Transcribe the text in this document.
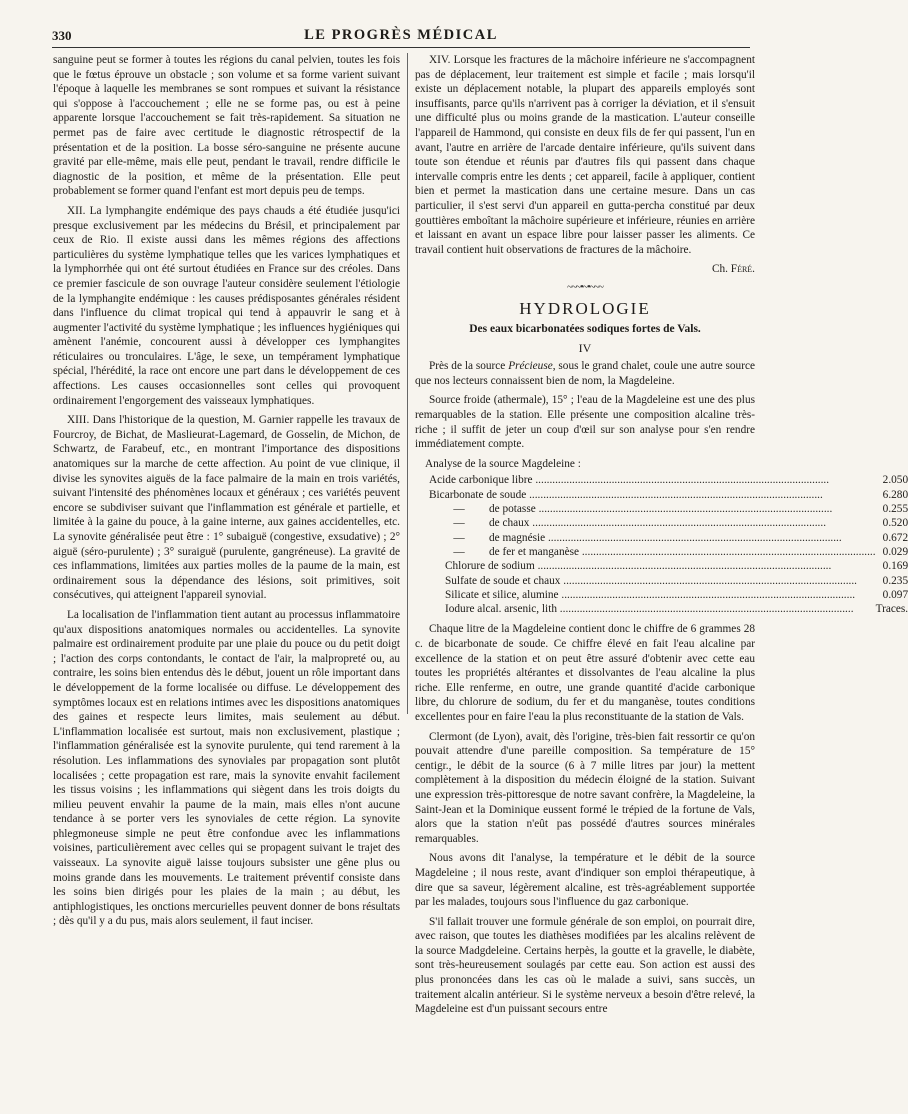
330	LE PROGRÈS MÉDICAL

sanguine peut se former à toutes les régions du canal pelvien, toutes les fois que le fœtus éprouve un obstacle ; son volume et sa forme varient suivant l'époque à laquelle les membranes se sont rompues et suivant la résistance qui s'oppose à l'accouchement ; elle ne se forme pas, ou est à peine apparente lorsque l'accouchement se fait très-rapidement. Sa situation ne permet pas de faire avec certitude le diagnostic rétrospectif de la présentation et de la position. La bosse séro-sanguine ne présente aucune gravité par elle-même, mais elle peut, pendant le travail, rendre difficile le diagnostic de la position, et même de la présentation. Elle peut probablement se former quand l'enfant est mort depuis peu de temps.

XII. La lymphangite endémique des pays chauds a été étudiée jusqu'ici presque exclusivement par les médecins du Brésil, et principalement par ceux de Rio. Il existe aussi dans les mêmes régions des affections particulières du système lymphatique telles que les varices lymphatiques et la lymphorrhée qui ont été surtout étudiées en France sur des créoles. Dans ce premier fascicule de son ouvrage l'auteur considère seulement l'étiologie de la lymphangite endémique : les causes prédisposantes générales résident dans l'influence du climat tropical qui tend à appauvrir le sang et à augmenter l'activité du système lymphatique ; les influences hygiéniques qui amènent l'anémie, concourent aussi à développer ces lymphangites réticulaires ou tronculaires. L'âge, le sexe, un tempérament lymphatique spécial, l'hérédité, la race ont encore une part dans le développement de ces affections. Les causes occasionnelles sont celles qui provoquent ordinairement l'engorgement des vaisseaux lymphatiques.

XIII. Dans l'historique de la question, M. Garnier rappelle les travaux de Fourcroy, de Bichat, de Maslieurat-Lagemard, de Gosselin, de Michon, de Schwartz, de Farabeuf, etc., en montrant l'importance des dispositions anatomiques sur la marche de cette affection. Au point de vue clinique, il divise les synovites aiguës de la face palmaire de la main en trois variétés, suivant l'intensité des phénomènes locaux et généraux ; ces variétés peuvent encore se subdiviser suivant que l'inflammation est générale et partielle, et limitée à la gaine du pouce, à la gaine interne, aux gaines accidentelles, etc. La synovite généralisée peut être : 1° subaiguë (congestive, exsudative) ; 2° aiguë (séro-purulente) ; 3° suraiguë (purulente, gangréneuse). La gravité de ces inflammations, limitées aux parties molles de la paume de la main, est ordinairement sous la dépendance des lésions, soit primitives, soit consécutives, qui atteignent l'appareil synovial.

La localisation de l'inflammation tient autant au processus inflammatoire qu'aux dispositions anatomiques normales ou accidentelles. La synovite palmaire est ordinairement produite par une plaie du pouce ou du petit doigt ; l'action des corps contondants, le contact de l'air, la malpropreté ou, au contraire, les soins bien entendus dès le début, jouent un rôle important dans le développement de la forme localisée ou diffuse. Le développement des symptômes locaux est en relations intimes avec les dispositions anatomiques des gaines et respecte leurs limites, mais seulement au début. L'inflammation localisée est surtout, mais non exclusivement, plastique ; l'inflammation généralisée est la synovite purulente, qui tend rarement à la résolution. Les inflammations des synoviales par propagation sont plutôt localisées ; cette propagation est rare, mais la synovite envahit facilement les tissus voisins ; les inflammations qui siègent dans les trois doigts du milieu peuvent envahir la paume de la main, mais elles n'ont aucune tendance à se porter vers les synoviales de cette région. La synovite phlegmoneuse simple ne peut être confondue avec les inflammations voisines, particulièrement avec celles qui se propagent suivant le trajet des vaisseaux. La synovite aiguë laisse toujours subsister une gêne plus ou moins grande dans les mouvements. Le traitement préventif consiste dans les soins bien dirigés pour les plaies de la main ; au début, les antiphlogistiques, les onctions mercurielles peuvent donner de bons résultats ; dès qu'il y a du pus, mais alors seulement, il faut inciser.

XIV. Lorsque les fractures de la mâchoire inférieure ne s'accompagnent pas de déplacement, leur traitement est simple et facile ; mais lorsqu'il existe un déplacement notable, la plupart des appareils employés sont insuffisants, parce qu'ils n'arrivent pas à corriger la déviation, et il s'ensuit une difficulté plus ou moins grande de la mastication. L'auteur conseille l'appareil de Hammond, qui consiste en deux fils de fer qui passent, l'un en avant, l'autre en arrière de l'arcade dentaire inférieure, qu'ils suivent dans toute son étendue et réunis par d'autres fils qui passent dans chaque intervalle compris entre les dents ; cet appareil, facile à appliquer, contient bien et permet la mastication dans une certaine mesure. Dans un cas particulier, il s'est servi d'un appareil en gutta-percha constitué par deux gouttières emboîtant la mâchoire supérieure et inférieure, réunies en arrière et laissant en avant un espace libre pour laisser passer les aliments. Ce travail contient huit observations de fractures de la mâchoire.

Ch. Féré.
~~~•~•~~~
HYDROLOGIE
Des eaux bicarbonatées sodiques fortes de Vals.
IV

Près de la source Précieuse, sous le grand chalet, coule une autre source que nos lecteurs connaissent bien de nom, la Magdeleine.

Source froide (athermale), 15° ; l'eau de la Magdeleine est une des plus remarquables de la station. Elle présente une composition alcaline très-riche ; il suffit de jeter un coup d'œil sur son analyse pour s'en rendre immédiatement compte.

Analyse de la source Magdeleine :
Acide carbonique libre .....	2.050
Bicarbonate de soude .....	6.280
— de potasse .....	0.255
— de chaux .....	0.520
— de magnésie .....	0.672
— de fer et manganèse .....	0.029
Chlorure de sodium .....	0.169
Sulfate de soude et chaux .....	0.235
Silicate et silice, alumine .....	0.097
Iodure alcal. arsenic, lith .....	Traces.

Chaque litre de la Magdeleine contient donc le chiffre de 6 grammes 28 c. de bicarbonate de soude. Ce chiffre élevé en fait l'eau alcaline par excellence de la station et on peut être assuré d'obtenir avec cette eau toutes les propriétés altérantes et dissolvantes de l'eau alcaline la plus riche. Elle renferme, en outre, une grande quantité d'acide carbonique libre, du chlorure de sodium, du fer et du manganèse, toutes conditions excellentes pour en faire l'eau la plus reconstituante de la station de Vals.

Clermont (de Lyon), avait, dès l'origine, très-bien fait ressortir ce qu'on pouvait attendre d'une pareille composition. Sa température de 15° centigr., le débit de la source (6 à 7 mille litres par jour) la mettent complètement à la disposition du médecin éloigné de la station. Suivant une expression très-pittoresque de notre savant confrère, la Magdeleine, la Saint-Jean et la Dominique eussent formé le trépied de la fortune de Vals, alors que la station n'eût pas possédé d'autres sources minérales remarquables.

Nous avons dit l'analyse, la température et le débit de la source Magdeleine ; il nous reste, avant d'indiquer son emploi thérapeutique, à dire que sa saveur, légèrement alcaline, est très-agréablement supportée par les malades, toujours sous l'influence du gaz carbonique.

S'il fallait trouver une formule générale de son emploi, on pourrait dire, avec raison, que toutes les diathèses modifiées par les alcalins relèvent de la source Madgdeleine. Certains herpès, la goutte et la gravelle, le diabète, sont très-heureusement soulagés par cette eau. Son action est aussi des plus prononcées dans les cas où le malade a suivi, sans succès, un traitement alcalin antérieur. Si le système nerveux a besoin d'être relevé, la Magdeleine est d'un puissant secours entre
